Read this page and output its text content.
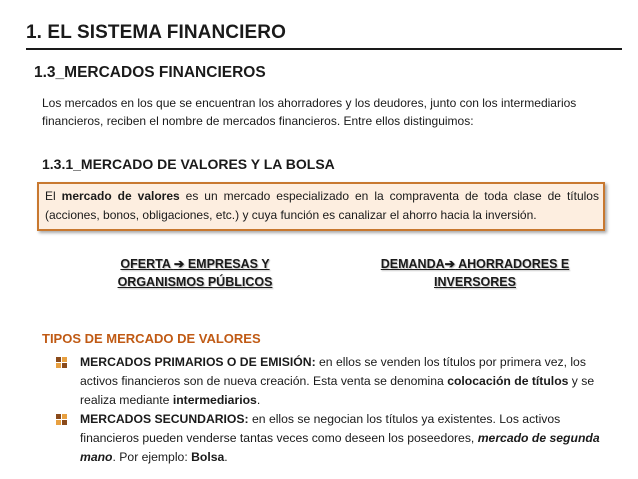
1. EL SISTEMA FINANCIERO
1.3_MERCADOS FINANCIEROS
Los mercados en los que se encuentran los ahorradores y los deudores, junto con los intermediarios financieros, reciben el nombre de mercados financieros. Entre ellos distinguimos:
1.3.1_MERCADO DE VALORES Y LA BOLSA
El mercado de valores es un mercado especializado en la compraventa de toda clase de títulos (acciones, bonos, obligaciones, etc.) y cuya función es canalizar el ahorro hacia la inversión.
OFERTA ➔ EMPRESAS Y
ORGANISMOS PÚBLICOS
DEMANDA➔ AHORRADORES E
INVERSORES
TIPOS DE MERCADO DE VALORES
MERCADOS PRIMARIOS O DE EMISIÓN: en ellos se venden los títulos por primera vez, los activos financieros son de nueva creación. Esta venta se denomina colocación de títulos y se realiza mediante intermediarios.
MERCADOS SECUNDARIOS: en ellos se negocian los títulos ya existentes. Los activos financieros pueden venderse tantas veces como deseen los poseedores, mercado de segunda mano. Por ejemplo: Bolsa.
